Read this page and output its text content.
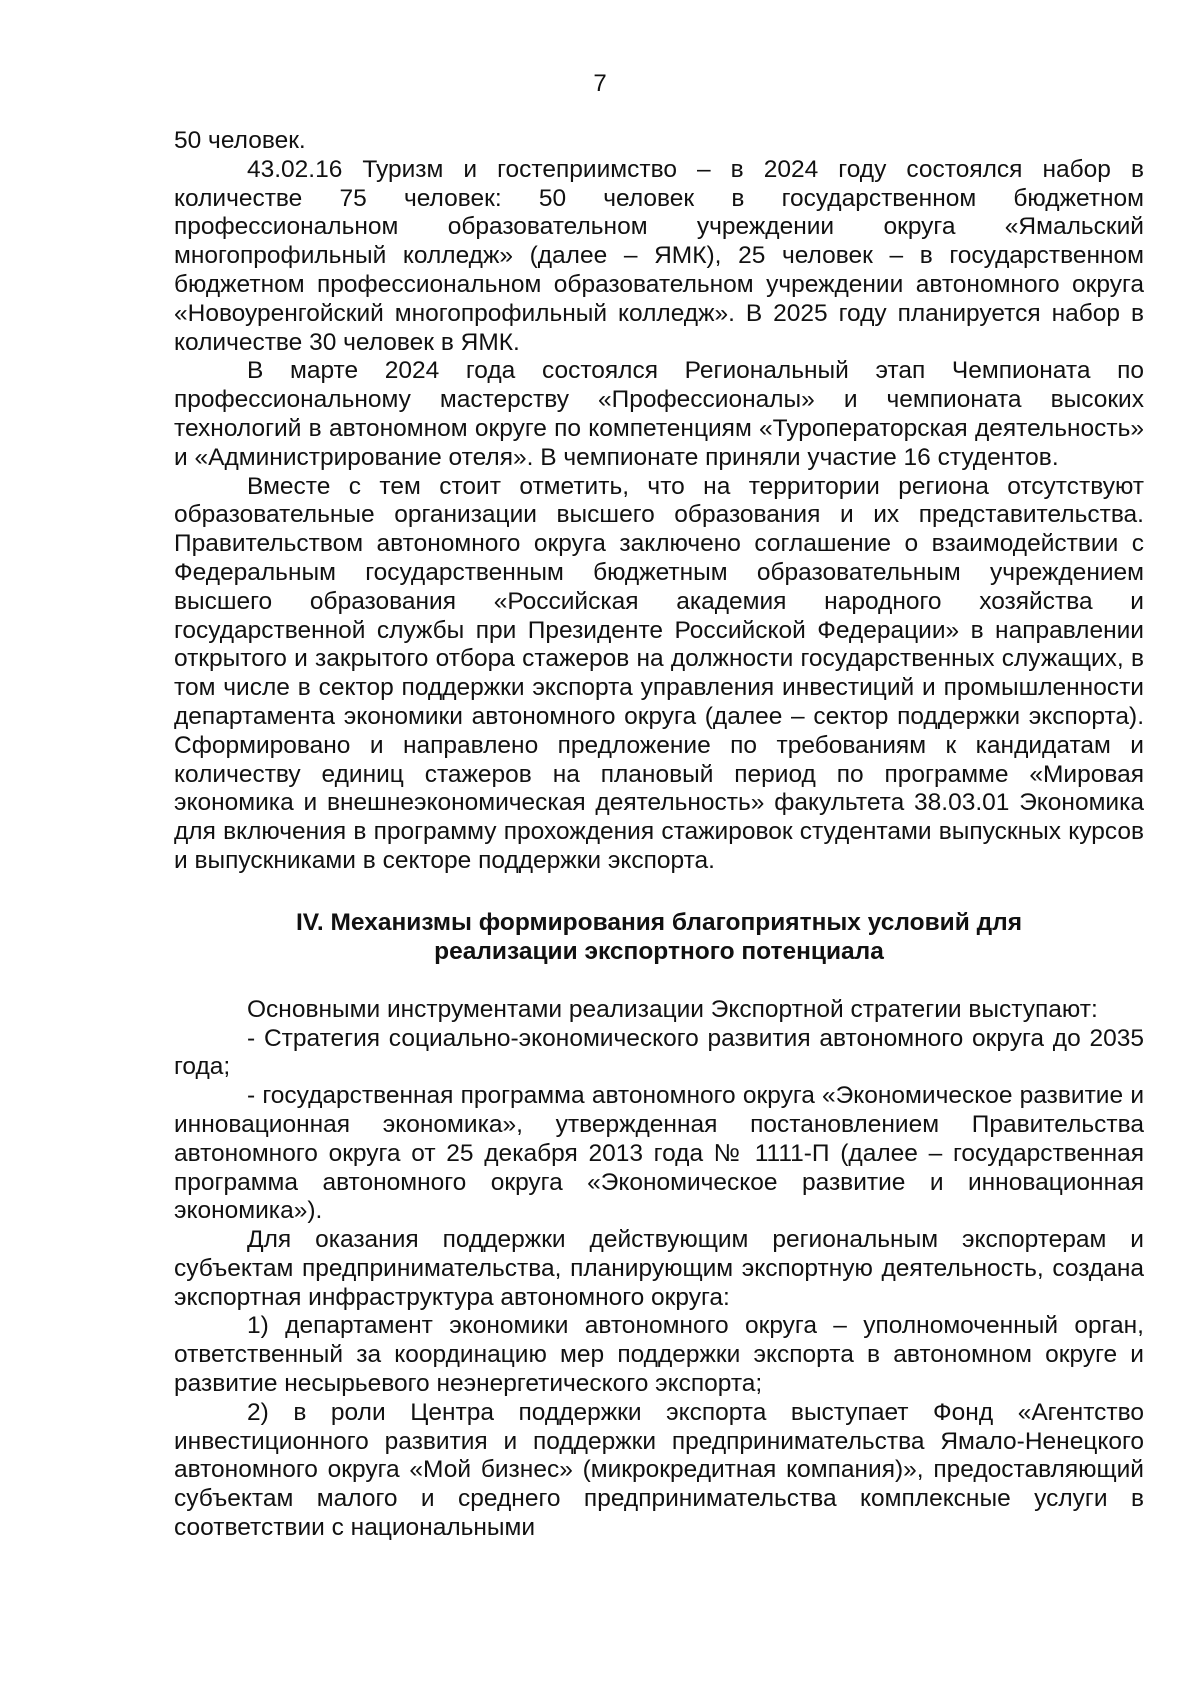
7

50 человек.

43.02.16 Туризм и гостеприимство – в 2024 году состоялся набор в количестве 75 человек: 50 человек в государственном бюджетном профессиональном образовательном учреждении округа «Ямальский многопрофильный колледж» (далее – ЯМК), 25 человек – в государственном бюджетном профессиональном образовательном учреждении автономного округа «Новоуренгойский многопрофильный колледж». В 2025 году планируется набор в количестве 30 человек в ЯМК.

В марте 2024 года состоялся Региональный этап Чемпионата по профессиональному мастерству «Профессионалы» и чемпионата высоких технологий в автономном округе по компетенциям «Туроператорская деятельность» и «Администрирование отеля». В чемпионате приняли участие 16 студентов.

Вместе с тем стоит отметить, что на территории региона отсутствуют образовательные организации высшего образования и их представительства. Правительством автономного округа заключено соглашение о взаимодействии с Федеральным государственным бюджетным образовательным учреждением высшего образования «Российская академия народного хозяйства и государственной службы при Президенте Российской Федерации» в направлении открытого и закрытого отбора стажеров на должности государственных служащих, в том числе в сектор поддержки экспорта управления инвестиций и промышленности департамента экономики автономного округа (далее – сектор поддержки экспорта). Сформировано и направлено предложение по требованиям к кандидатам и количеству единиц стажеров на плановый период по программе «Мировая экономика и внешнеэкономическая деятельность» факультета 38.03.01 Экономика для включения в программу прохождения стажировок студентами выпускных курсов и выпускниками в секторе поддержки экспорта.

IV. Механизмы формирования благоприятных условий для
реализации экспортного потенциала

Основными инструментами реализации Экспортной стратегии выступают:

- Стратегия социально-экономического развития автономного округа до 2035 года;

- государственная программа автономного округа «Экономическое развитие и инновационная экономика», утвержденная постановлением Правительства автономного округа от 25 декабря 2013 года № 1111-П (далее – государственная программа автономного округа «Экономическое развитие и инновационная экономика»).

Для оказания поддержки действующим региональным экспортерам и субъектам предпринимательства, планирующим экспортную деятельность, создана экспортная инфраструктура автономного округа:

1) департамент экономики автономного округа – уполномоченный орган, ответственный за координацию мер поддержки экспорта в автономном округе и развитие несырьевого неэнергетического экспорта;

2) в роли Центра поддержки экспорта выступает Фонд «Агентство инвестиционного развития и поддержки предпринимательства Ямало-Ненецкого автономного округа «Мой бизнес» (микрокредитная компания)», предоставляющий субъектам малого и среднего предпринимательства комплексные услуги в соответствии с национальными
